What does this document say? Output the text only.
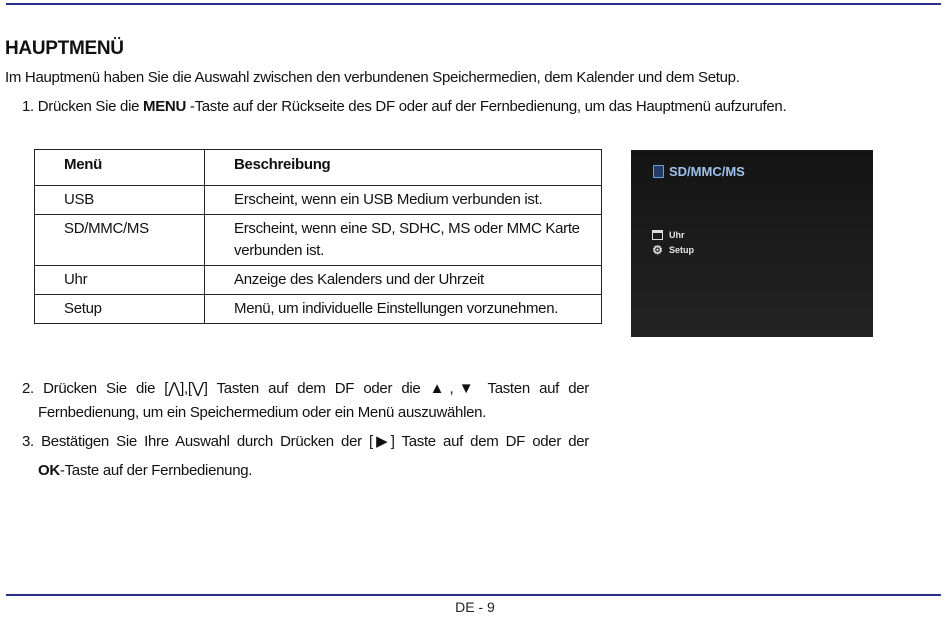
HAUPTMENÜ
Im Hauptmenü haben Sie die Auswahl zwischen den verbundenen Speichermedien, dem Kalender und dem Setup.
1. Drücken Sie die MENU -Taste auf der Rückseite des DF oder auf der Fernbedienung, um das Hauptmenü aufzurufen.
Menü	Beschreibung
USB	Erscheint, wenn ein USB Medium verbunden ist.
SD/MMC/MS	Erscheint, wenn eine SD, SDHC, MS oder MMC Karte verbunden ist.
Uhr	Anzeige des Kalenders und der Uhrzeit
Setup	Menü, um individuelle Einstellungen vorzunehmen.
SD/MMC/MS
Uhr
⚙ Setup
2. Drücken Sie die [⋀],[⋁] Tasten auf dem DF oder die ▲,▼ Tasten auf der
Fernbedienung, um ein Speichermedium oder ein Menü auszuwählen.
3. Bestätigen Sie Ihre Auswahl durch Drücken der [▶] Taste auf dem DF oder der
OK-Taste auf der Fernbedienung.
DE - 9
